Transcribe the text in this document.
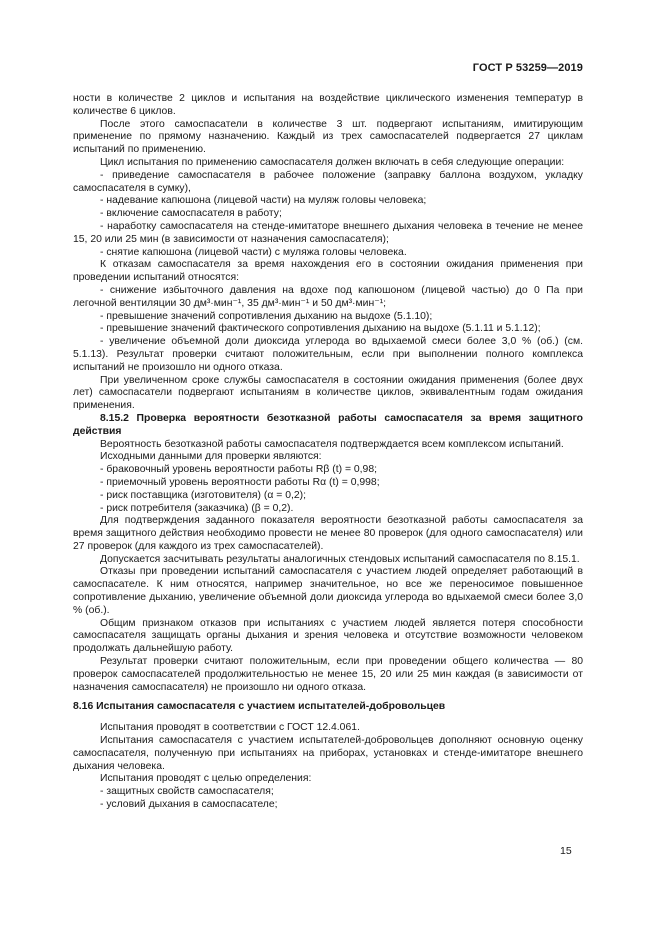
ГОСТ Р 53259—2019

ности в количестве 2 циклов и испытания на воздействие циклического изменения температур в количестве 6 циклов.

После этого самоспасатели в количестве 3 шт. подвергают испытаниям, имитирующим применение по прямому назначению. Каждый из трех самоспасателей подвергается 27 циклам испытаний по применению.

Цикл испытания по применению самоспасателя должен включать в себя следующие операции:

- приведение самоспасателя в рабочее положение (заправку баллона воздухом, укладку самоспасателя в сумку),

- надевание капюшона (лицевой части) на муляж головы человека;

- включение самоспасателя в работу;

- наработку самоспасателя на стенде-имитаторе внешнего дыхания человека в течение не менее 15, 20 или 25 мин (в зависимости от назначения самоспасателя);

- снятие капюшона (лицевой части) с муляжа головы человека.

К отказам самоспасателя за время нахождения его в состоянии ожидания применения при проведении испытаний относятся:

- снижение избыточного давления на вдохе под капюшоном (лицевой частью) до 0 Па при легочной вентиляции 30 дм³·мин⁻¹, 35 дм³·мин⁻¹ и 50 дм³·мин⁻¹;

- превышение значений сопротивления дыханию на выдохе (5.1.10);

- превышение значений фактического сопротивления дыханию на выдохе (5.1.11 и 5.1.12);

- увеличение объемной доли диоксида углерода во вдыхаемой смеси более 3,0 % (об.) (см. 5.1.13). Результат проверки считают положительным, если при выполнении полного комплекса испытаний не произошло ни одного отказа.

При увеличенном сроке службы самоспасателя в состоянии ожидания применения (более двух лет) самоспасатели подвергают испытаниям в количестве циклов, эквивалентным годам ожидания применения.

8.15.2 Проверка вероятности безотказной работы самоспасателя за время защитного действия

Вероятность безотказной работы самоспасателя подтверждается всем комплексом испытаний.

Исходными данными для проверки являются:

- браковочный уровень вероятности работы Rβ (t) = 0,98;

- приемочный уровень вероятности работы Rα (t) = 0,998;

- риск поставщика (изготовителя) (α = 0,2);

- риск потребителя (заказчика) (β = 0,2).

Для подтверждения заданного показателя вероятности безотказной работы самоспасателя за время защитного действия необходимо провести не менее 80 проверок (для одного самоспасателя) или 27 проверок (для каждого из трех самоспасателей).

Допускается засчитывать результаты аналогичных стендовых испытаний самоспасателя по 8.15.1.

Отказы при проведении испытаний самоспасателя с участием людей определяет работающий в самоспасателе. К ним относятся, например значительное, но все же переносимое повышенное сопротивление дыханию, увеличение объемной доли диоксида углерода во вдыхаемой смеси более 3,0 % (об.).

Общим признаком отказов при испытаниях с участием людей является потеря способности самоспасателя защищать органы дыхания и зрения человека и отсутствие возможности человеком продолжать дальнейшую работу.

Результат проверки считают положительным, если при проведении общего количества — 80 проверок самоспасателей продолжительностью не менее 15, 20 или 25 мин каждая (в зависимости от назначения самоспасателя) не произошло ни одного отказа.

8.16 Испытания самоспасателя с участием испытателей-добровольцев

Испытания проводят в соответствии с ГОСТ 12.4.061.

Испытания самоспасателя с участием испытателей-добровольцев дополняют основную оценку самоспасателя, полученную при испытаниях на приборах, установках и стенде-имитаторе внешнего дыхания человека.

Испытания проводят с целью определения:

- защитных свойств самоспасателя;

- условий дыхания в самоспасателе;

15
